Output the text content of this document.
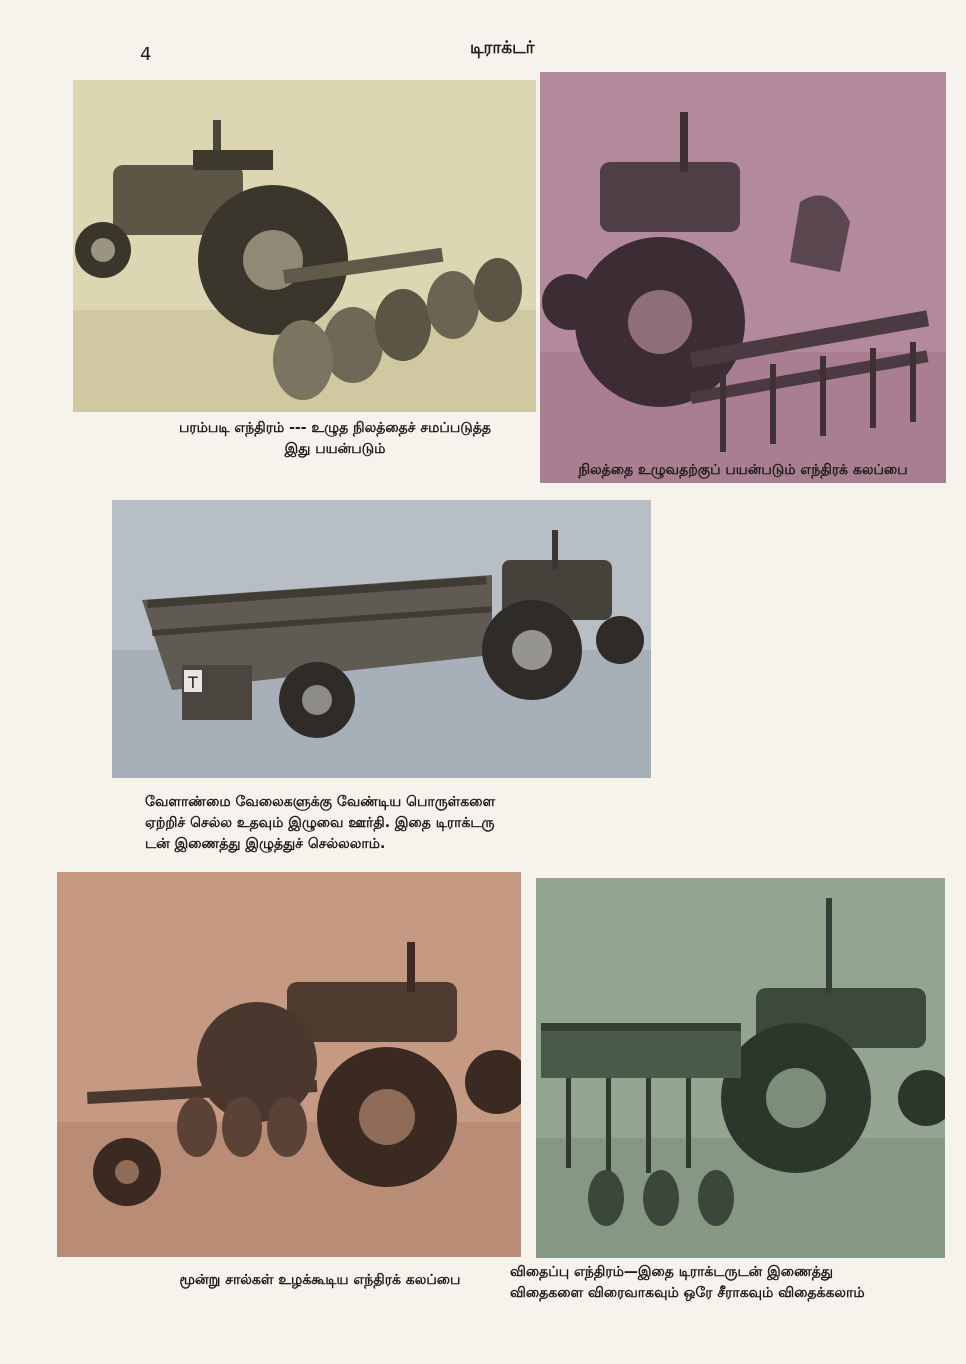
4	டிராக்டர்
பரம்படி எந்திரம் --- உழுத நிலத்தைச் சமப்படுத்த
இது பயன்படும்
நிலத்தை உழுவதற்குப் பயன்படும் எந்திரக் கலப்பை
T
வேளாண்மை வேலைகளுக்கு வேண்டிய பொருள்களை
ஏற்றிச் செல்ல உதவும் இழுவை ஊர்தி. இதை டிராக்டரு
டன் இணைத்து இழுத்துச் செல்லலாம்.
மூன்று சால்கள் உழக்கூடிய எந்திரக் கலப்பை	விதைப்பு எந்திரம்—இதை டிராக்டருடன் இணைத்து
விதைகளை விரைவாகவும் ஒரே சீராகவும் விதைக்கலாம்
